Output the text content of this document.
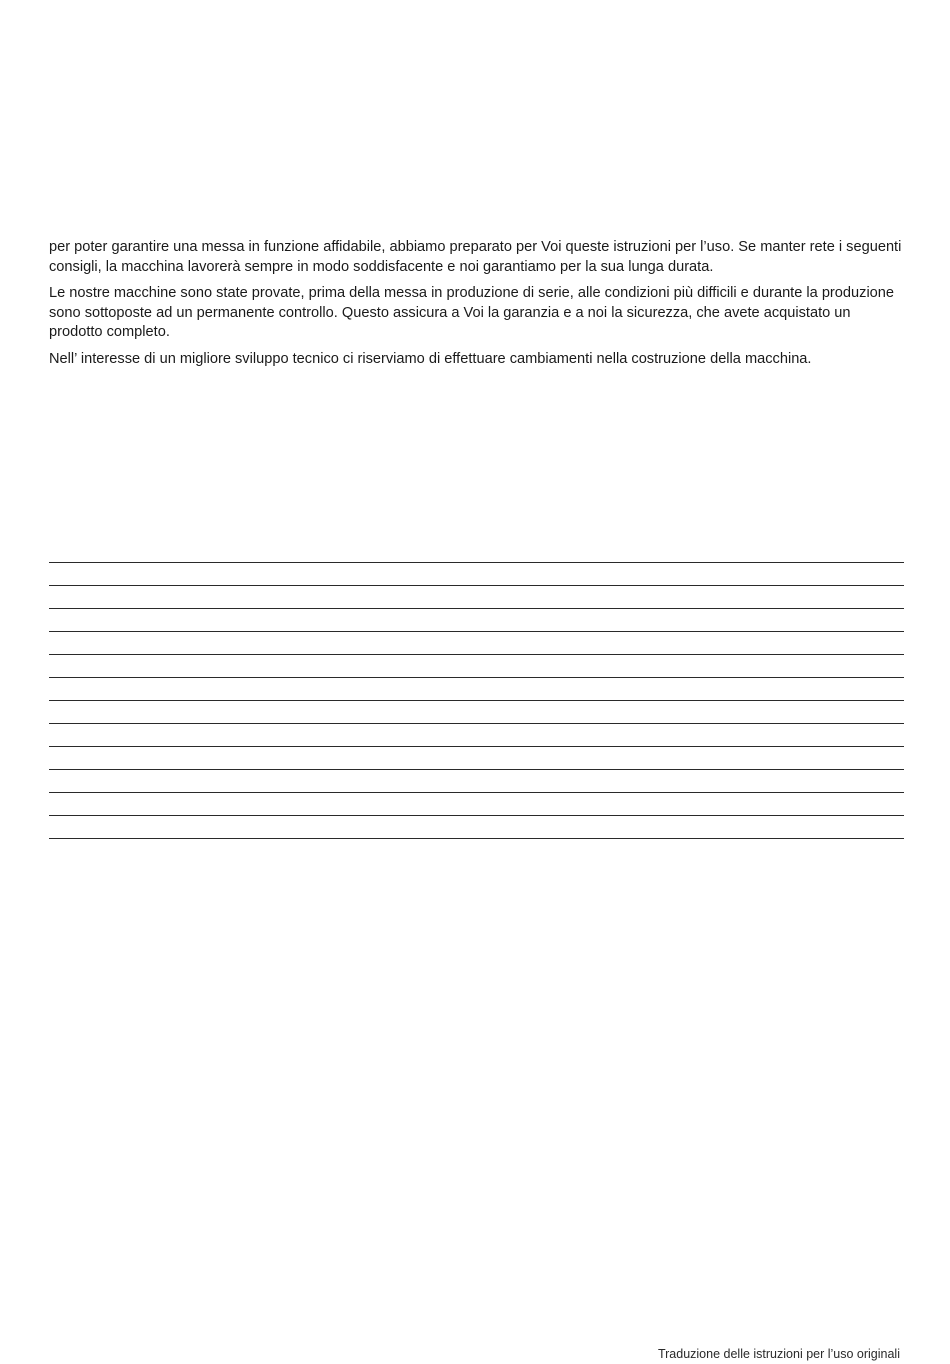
per poter garantire una messa in funzione affidabile, abbiamo preparato per Voi queste istruzioni per l’uso. Se manter rete i seguenti consigli, la macchina lavorerà sempre in modo soddisfacente e noi garantiamo per la sua lunga durata.

Le nostre macchine sono state provate, prima della messa in produzione di serie, alle condizioni più difficili e durante la produzione sono sottoposte ad un permanente controllo. Questo assicura a Voi la garanzia e a noi la sicurezza, che avete acquistato un prodotto completo.

Nell’ interesse di un migliore sviluppo tecnico ci riserviamo di effettuare cambiamenti nella costruzione della macchina.

Traduzione delle istruzioni per l’uso originali
